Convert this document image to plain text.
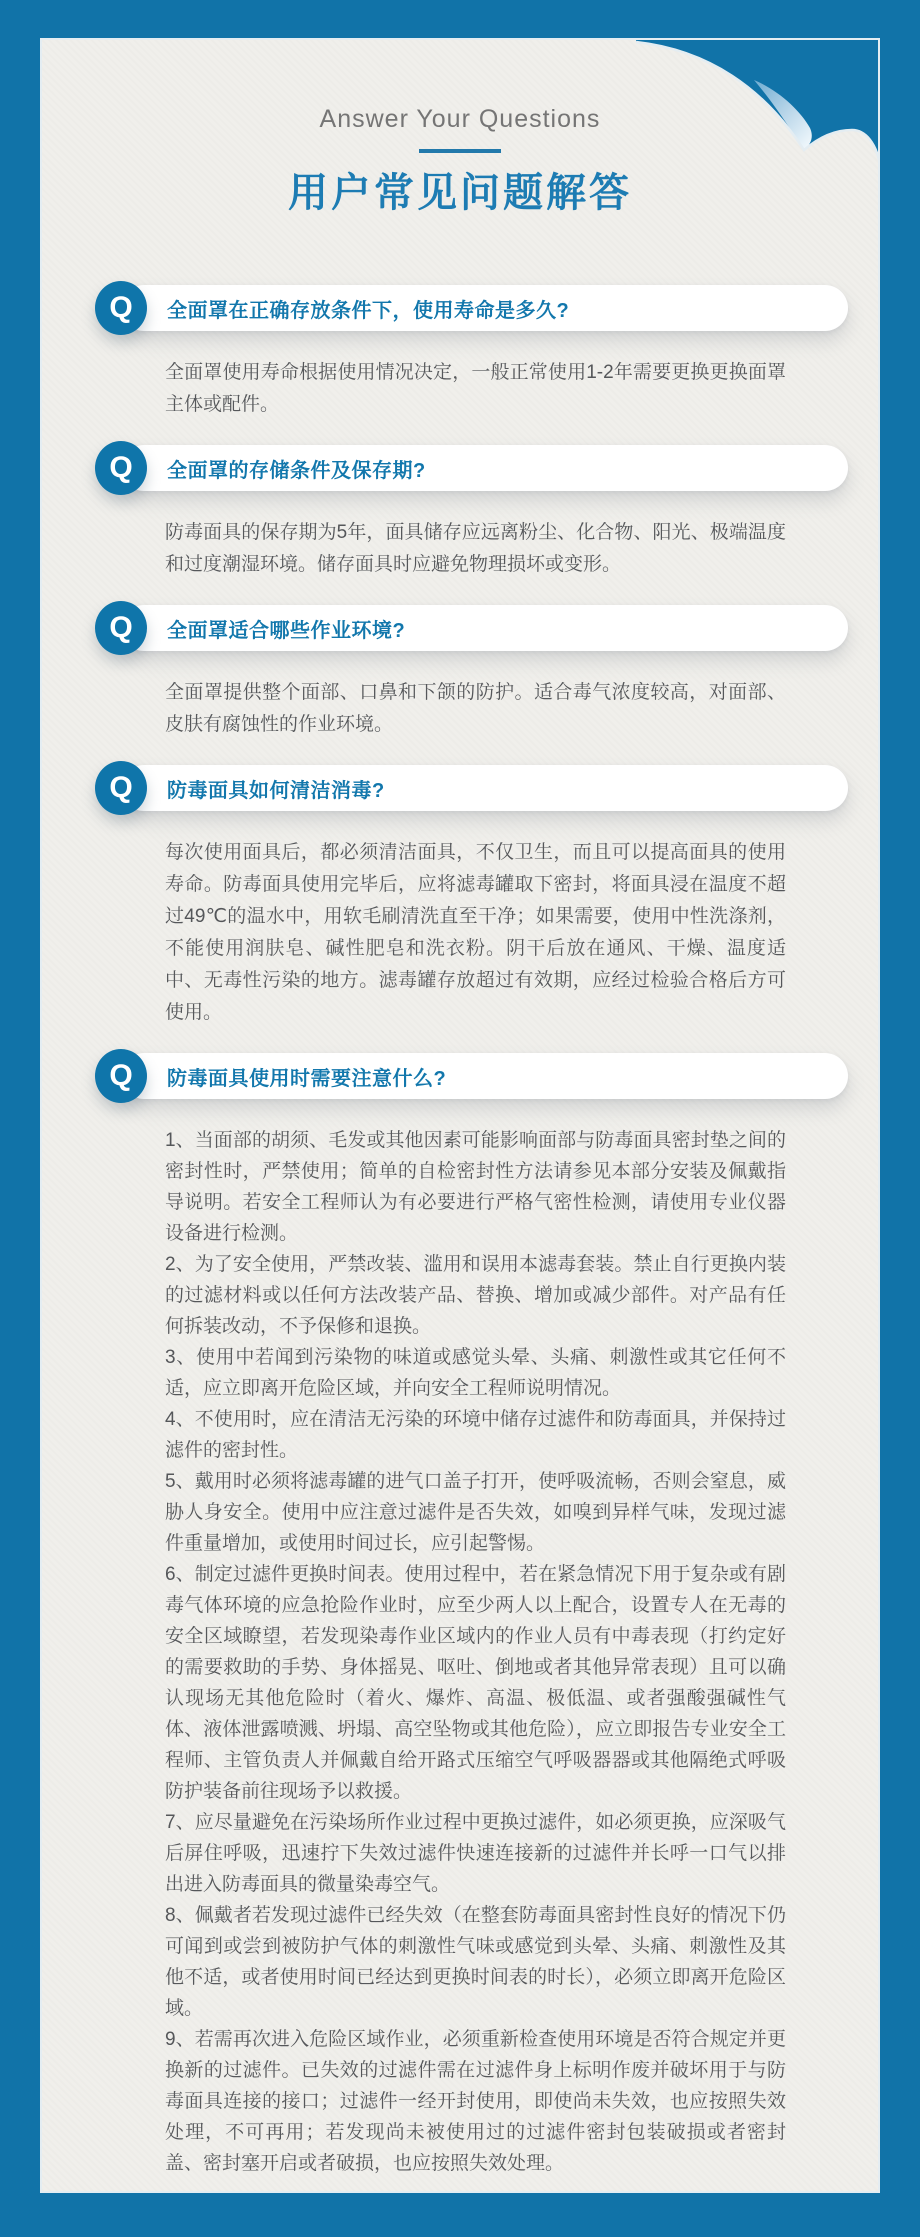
Answer Your Questions
用户常见问题解答
Q 全面罩在正确存放条件下，使用寿命是多久?

全面罩使用寿命根据使用情况决定，一般正常使用1-2年需要更换更换面罩主体或配件。

Q 全面罩的存储条件及保存期?

防毒面具的保存期为5年，面具储存应远离粉尘、化合物、阳光、极端温度和过度潮湿环境。储存面具时应避免物理损坏或变形。

Q 全面罩适合哪些作业环境?

全面罩提供整个面部、口鼻和下颌的防护。适合毒气浓度较高，对面部、皮肤有腐蚀性的作业环境。

Q 防毒面具如何清洁消毒?

每次使用面具后，都必须清洁面具，不仅卫生，而且可以提高面具的使用寿命。防毒面具使用完毕后，应将滤毒罐取下密封，将面具浸在温度不超过49℃的温水中，用软毛刷清洗直至干净；如果需要，使用中性洗涤剂，不能使用润肤皂、碱性肥皂和洗衣粉。阴干后放在通风、干燥、温度适中、无毒性污染的地方。滤毒罐存放超过有效期，应经过检验合格后方可使用。

Q 防毒面具使用时需要注意什么?

1、当面部的胡须、毛发或其他因素可能影响面部与防毒面具密封垫之间的密封性时，严禁使用；简单的自检密封性方法请参见本部分安装及佩戴指导说明。若安全工程师认为有必要进行严格气密性检测，请使用专业仪器设备进行检测。

2、为了安全使用，严禁改装、滥用和误用本滤毒套装。禁止自行更换内装的过滤材料或以任何方法改装产品、替换、增加或减少部件。对产品有任何拆装改动，不予保修和退换。

3、使用中若闻到污染物的味道或感觉头晕、头痛、刺激性或其它任何不适，应立即离开危险区域，并向安全工程师说明情况。

4、不使用时，应在清洁无污染的环境中储存过滤件和防毒面具，并保持过滤件的密封性。

5、戴用时必须将滤毒罐的进气口盖子打开，使呼吸流畅，否则会窒息，威胁人身安全。使用中应注意过滤件是否失效，如嗅到异样气味，发现过滤件重量增加，或使用时间过长，应引起警惕。

6、制定过滤件更换时间表。使用过程中，若在紧急情况下用于复杂或有剧毒气体环境的应急抢险作业时，应至少两人以上配合，设置专人在无毒的安全区域瞭望，若发现染毒作业区域内的作业人员有中毒表现（打约定好的需要救助的手势、身体摇晃、呕吐、倒地或者其他异常表现）且可以确认现场无其他危险时（着火、爆炸、高温、极低温、或者强酸强碱性气体、液体泄露喷溅、坍塌、高空坠物或其他危险），应立即报告专业安全工程师、主管负责人并佩戴自给开路式压缩空气呼吸器器或其他隔绝式呼吸防护装备前往现场予以救援。

7、应尽量避免在污染场所作业过程中更换过滤件，如必须更换，应深吸气后屏住呼吸，迅速拧下失效过滤件快速连接新的过滤件并长呼一口气以排出进入防毒面具的微量染毒空气。

8、佩戴者若发现过滤件已经失效（在整套防毒面具密封性良好的情况下仍可闻到或尝到被防护气体的刺激性气味或感觉到头晕、头痛、刺激性及其他不适，或者使用时间已经达到更换时间表的时长），必须立即离开危险区域。

9、若需再次进入危险区域作业，必须重新检查使用环境是否符合规定并更换新的过滤件。已失效的过滤件需在过滤件身上标明作废并破坏用于与防毒面具连接的接口；过滤件一经开封使用，即使尚未失效，也应按照失效处理，不可再用；若发现尚未被使用过的过滤件密封包装破损或者密封盖、密封塞开启或者破损，也应按照失效处理。
